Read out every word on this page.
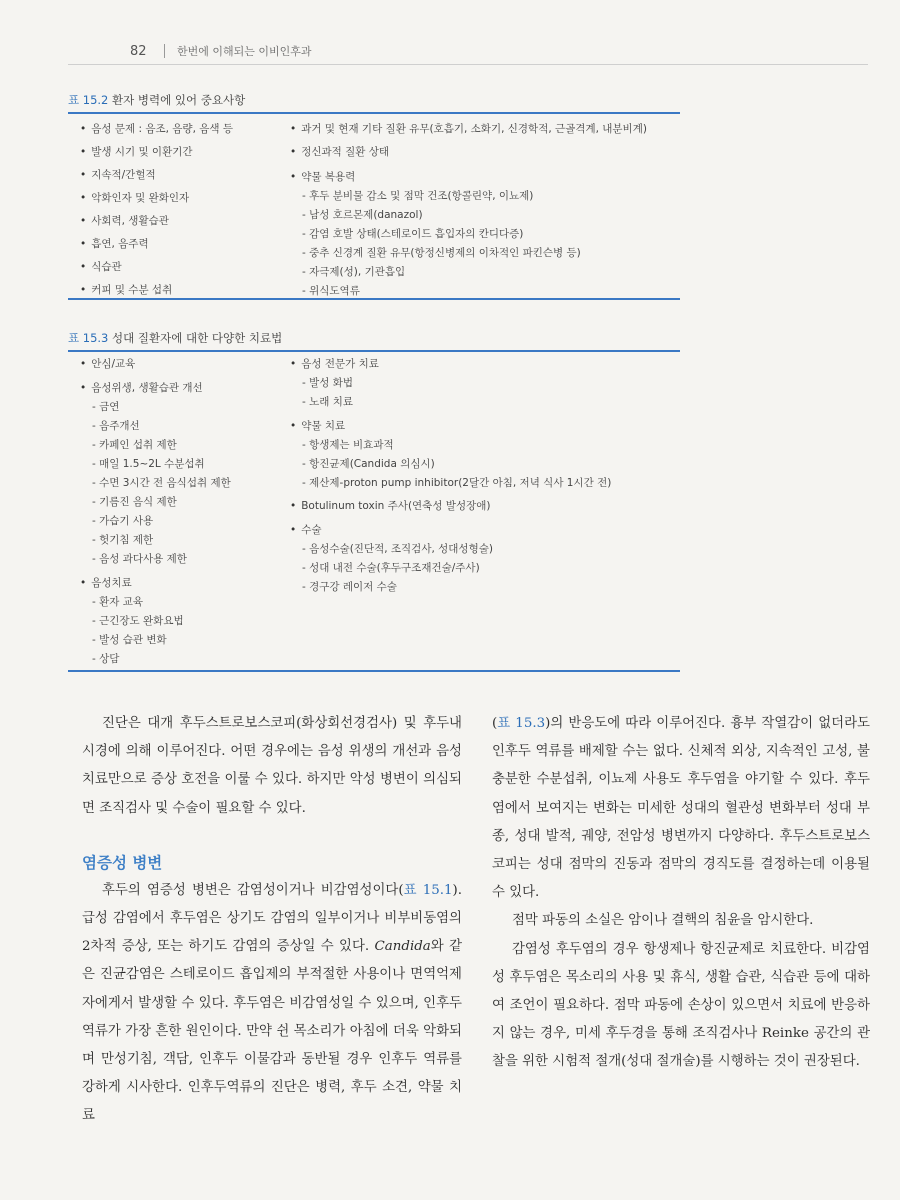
82	한번에 이해되는 이비인후과
표 15.2 환자 병력에 있어 중요사항
• 음성 문제 : 음조, 음량, 음색 등
• 발생 시기 및 이환기간
• 지속적/간헐적
• 악화인자 및 완화인자
• 사회력, 생활습관
• 흡연, 음주력
• 식습관
• 커피 및 수분 섭취
• 과거 및 현재 기타 질환 유무(호흡기, 소화기, 신경학적, 근골격계, 내분비계)
• 정신과적 질환 상태
• 약물 복용력
- 후두 분비물 감소 및 점막 건조(항콜린약, 이뇨제)
- 남성 호르몬제(danazol)
- 감염 호발 상태(스테로이드 흡입자의 칸디다증)
- 중추 신경계 질환 유무(항정신병제의 이차적인 파킨슨병 등)
- 자극제(성), 기관흡입
- 위식도역류
표 15.3 성대 질환자에 대한 다양한 치료법
• 안심/교육
• 음성위생, 생활습관 개선
- 금연
- 음주개선
- 카페인 섭취 제한
- 매일 1.5~2L 수분섭취
- 수면 3시간 전 음식섭취 제한
- 기름진 음식 제한
- 가습기 사용
- 헛기침 제한
- 음성 과다사용 제한
• 음성치료
- 환자 교육
- 근긴장도 완화요법
- 발성 습관 변화
- 상담
• 음성 전문가 치료
- 발성 화법
- 노래 치료
• 약물 치료
- 항생제는 비효과적
- 항진균제(Candida 의심시)
- 제산제-proton pump inhibitor(2달간 아침, 저녁 식사 1시간 전)
• Botulinum toxin 주사(연축성 발성장애)
• 수술
- 음성수술(진단적, 조직검사, 성대성형술)
- 성대 내전 수술(후두구조재건술/주사)
- 경구강 레이저 수술

진단은 대개 후두스트로보스코피(화상회선경검사) 및 후두내시경에 의해 이루어진다. 어떤 경우에는 음성 위생의 개선과 음성 치료만으로 증상 호전을 이룰 수 있다. 하지만 악성 병변이 의심되면 조직검사 및 수술이 필요할 수 있다.

염증성 병변

후두의 염증성 병변은 감염성이거나 비감염성이다(표 15.1). 급성 감염에서 후두염은 상기도 감염의 일부이거나 비부비동염의 2차적 증상, 또는 하기도 감염의 증상일 수 있다. Candida와 같은 진균감염은 스테로이드 흡입제의 부적절한 사용이나 면역억제자에게서 발생할 수 있다. 후두염은 비감염성일 수 있으며, 인후두역류가 가장 흔한 원인이다. 만약 쉰 목소리가 아침에 더욱 악화되며 만성기침, 객담, 인후두 이물감과 동반될 경우 인후두 역류를 강하게 시사한다. 인후두역류의 진단은 병력, 후두 소견, 약물 치료

(표 15.3)의 반응도에 따라 이루어진다. 흉부 작열감이 없더라도 인후두 역류를 배제할 수는 없다. 신체적 외상, 지속적인 고성, 불충분한 수분섭취, 이뇨제 사용도 후두염을 야기할 수 있다. 후두염에서 보여지는 변화는 미세한 성대의 혈관성 변화부터 성대 부종, 성대 발적, 궤양, 전암성 병변까지 다양하다. 후두스트로보스코피는 성대 점막의 진동과 점막의 경직도를 결정하는데 이용될 수 있다.

점막 파동의 소실은 암이나 결핵의 침윤을 암시한다.

감염성 후두염의 경우 항생제나 항진균제로 치료한다. 비감염성 후두염은 목소리의 사용 및 휴식, 생활 습관, 식습관 등에 대하여 조언이 필요하다. 점막 파동에 손상이 있으면서 치료에 반응하지 않는 경우, 미세 후두경을 통해 조직검사나 Reinke 공간의 관찰을 위한 시험적 절개(성대 절개술)를 시행하는 것이 권장된다.
